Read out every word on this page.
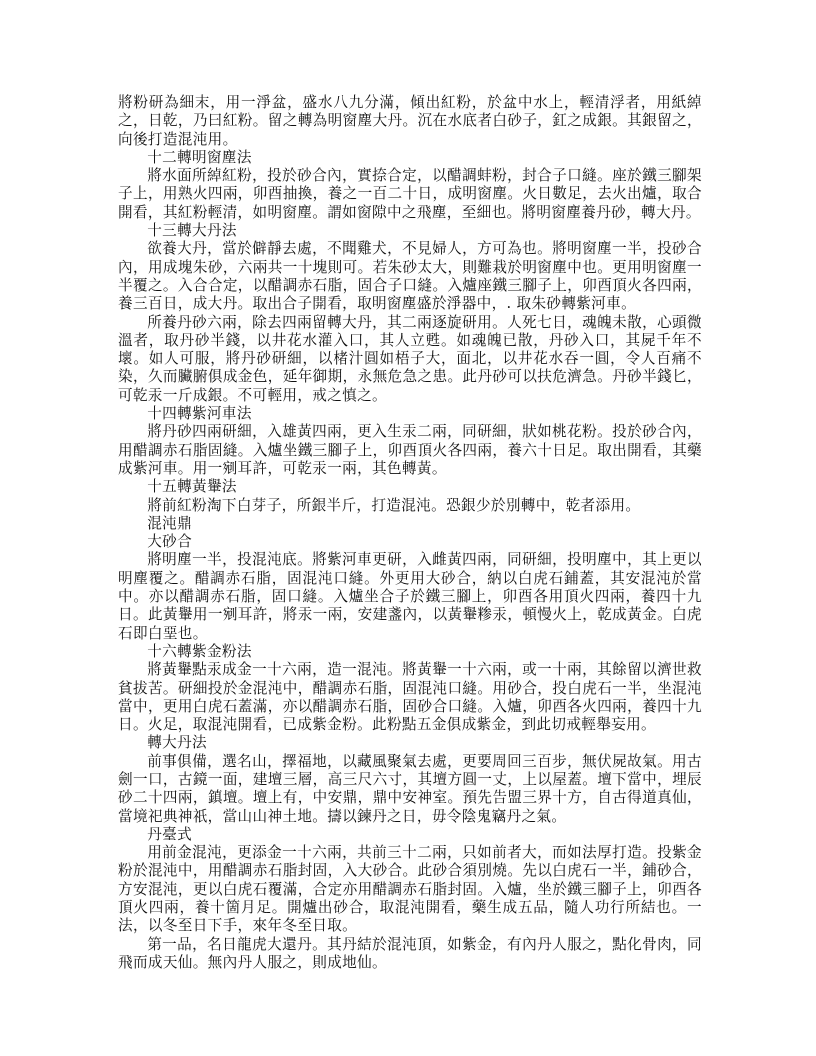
將粉研為細末，用一淨盆，盛水八九分滿，傾出紅粉，於盆中水上，輕清浮者，用紙綽之，日乾，乃曰紅粉。留之轉為明窗塵大丹。沉在水底者白砂子，釭之成銀。其銀留之，向後打造混沌用。

十二轉明窗塵法

將水面所綽紅粉，投於砂合內，實捺合定，以醋調蚌粉，封合子口縫。座於鐵三腳架子上，用熟火四兩，卯酉抽換，養之一百二十日，成明窗塵。火日數足，去火出爐，取合開看，其紅粉輕清，如明窗塵。謂如窗隙中之飛塵，至細也。將明窗塵養丹砂，轉大丹。

十三轉大丹法

欲養大丹，當於僻靜去處，不聞雞犬，不見婦人，方可為也。將明窗塵一半，投砂合內，用成塊朱砂，六兩共一十塊則可。若朱砂太大，則難栽於明窗塵中也。更用明窗塵一半覆之。入合合定，以醋調赤石脂，固合子口縫。入爐座鐵三腳子上，卯酉頂火各四兩，養三百日，成大丹。取出合子開看，取明窗塵盛於淨器中，. 取朱砂轉紫河車。

所養丹砂六兩，除去四兩留轉大丹，其二兩逐旋研用。人死七日，魂魄未散，心頭微溫者，取丹砂半錢，以井花水灌入口，其人立甦。如魂魄已散，丹砂入口，其屍千年不壞。如人可服，將丹砂研細，以楮汁圓如梧子大，面北，以井花水吞一圓，令人百痛不染，久而臟腑俱成金色，延年御期，永無危急之患。此丹砂可以扶危濟急。丹砂半錢匕，可乾汞一斤成銀。不可輕用，戒之慎之。

十四轉紫河車法

將丹砂四兩研細，入雄黃四兩，更入生汞二兩，同研細，狀如桃花粉。投於砂合內，用醋調赤石脂固縫。入爐坐鐵三腳子上，卯酉頂火各四兩，養六十日足。取出開看，其藥成紫河車。用一剜耳許，可乾汞一兩，其色轉黃。

十五轉黃轝法

將前紅粉淘下白芽子，所銀半斤，打造混沌。恐銀少於別轉中，乾者添用。

混沌鼎

大砂合

將明塵一半，投混沌底。將紫河車更研，入雌黃四兩，同研細，投明塵中，其上更以明塵覆之。醋調赤石脂，固混沌口縫。外更用大砂合，納以白虎石鋪蓋，其安混沌於當中。亦以醋調赤石脂，固口縫。入爐坐合子於鐵三腳上，卯酉各用頂火四兩，養四十九日。此黃轝用一剜耳許，將汞一兩，安建盞內，以黃轝糁汞，頓慢火上，乾成黃金。白虎石即白堊也。

十六轉紫金粉法

將黃轝點汞成金一十六兩，造一混沌。將黃轝一十六兩，或一十兩，其餘留以濟世救貧拔苦。研細投於金混沌中，醋調赤石脂，固混沌口縫。用砂合，投白虎石一半，坐混沌當中，更用白虎石蓋滿，亦以醋調赤石脂，固砂合口縫。入爐，卯酉各火四兩，養四十九日。火足，取混沌開看，已成紫金粉。此粉點五金俱成紫金，到此切戒輕舉妄用。

轉大丹法

前事俱備，選名山，擇福地，以藏風聚氣去處，更要周回三百步，無伏屍故氣。用古劍一口，古鏡一面，建壇三層，高三尺六寸，其壇方圓一丈，上以屋蓋。壇下當中，埋辰砂二十四兩，鎮壇。壇上有，中安鼎，鼎中安神室。預先告盟三界十方，自古得道真仙，當境祀典神祇，當山山神土地。擣以鍊丹之日，毋令陰鬼竊丹之氣。

丹臺式

用前金混沌，更添金一十六兩，共前三十二兩，只如前者大，而如法厚打造。投紫金粉於混沌中，用醋調赤石脂封固，入大砂合。此砂合須別燒。先以白虎石一半，鋪砂合，方安混沌，更以白虎石覆滿，合定亦用醋調赤石脂封固。入爐，坐於鐵三腳子上，卯酉各頂火四兩，養十箇月足。開爐出砂合，取混沌開看，藥生成五品，隨人功行所結也。一法，以冬至日下手，來年冬至日取。

第一品，名日龍虎大還丹。其丹結於混沌頂，如紫金，有內丹人服之，點化骨肉，同飛而成天仙。無內丹人服之，則成地仙。
